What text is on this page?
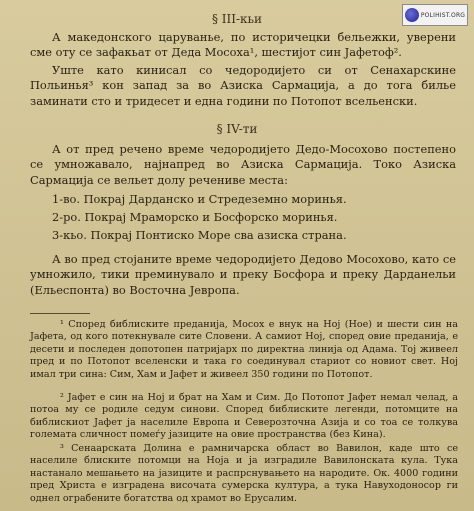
POLIHIST.ORG
§ III-кьи

А македонского царуванье, по историчецки бельежки, уверени сме оту се зафакьат от Деда Мосоха¹, шестијот син Јафетоф².

Уште като кинисал со чедородијето си от Сенахарскине Польинья³ кон запад за во Азиска Сармација, а до тога билье заминати сто и тридесет и една години по Потопот всельенски.

§ IV-ти

А от пред речено време чедородијето Дедо-Мосохово постепено се умножавало, најнапред во Азиска Сармација. Токо Азиска Сармација се вельет долу речениве места:

1-во. Покрај Дарданско и Стредеземно моринья.
2-ро. Покрај Мраморско и Босфорско моринья.
3-кьо. Покрај Понтиско Море сва азиска страна.

А во пред стојаните време чедородијето Дедово Мосохово, като се умножило, тики преминувало и преку Босфора и преку Дарданельи (Ельеспонта) во Восточна Јевропа.

¹ Според библиските преданија, Мосох е внук на Ној (Ное) и шести син на Јафета, од кого потекнувале сите Словени. А самиот Ној, според овие преданија, е десети и последен допотопен патријарх по директна линија од Адама. Тој живеел пред и по Потопот вселенски и така го соединувал стариот со новиот свет. Ној имал три сина: Сим, Хам и Јафет и живеел 350 години по Потопот.

² Јафет е син на Ној и брат на Хам и Сим. До Потопот Јафет немал челад, а потоа му се родиле седум синови. Според библиските легенди, потомците на библискиот Јафет ја населиле Европа и Северозточна Азија и со тоа се толкува големата сличност помеѓу јазиците на овие пространства (без Кина).

³ Сенаарската Долина е рамничарска област во Вавилон, каде што се населиле блиските потомци на Нојa и ја изградиле Вавилонската кула. Тука настанало мешањето на јазиците и распрснувањето на народите. Ок. 4000 години пред Христа е изградена височата сумерска култура, а тука Навуходоносор ги однел ограбените богатства од храмот во Ерусалим.
